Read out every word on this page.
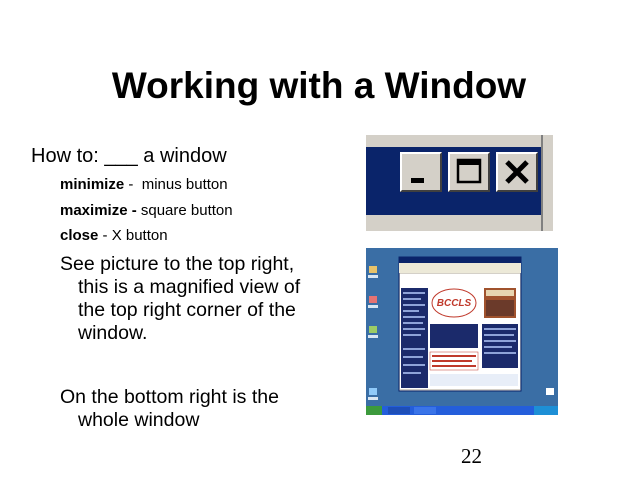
Working with a Window
How to: ___ a window
minimize -  minus button
maximize - square button
close - X button
See picture to the top right, this is a magnified view of the top right corner of the window.
On the bottom right is the whole window
22
BCCLS
